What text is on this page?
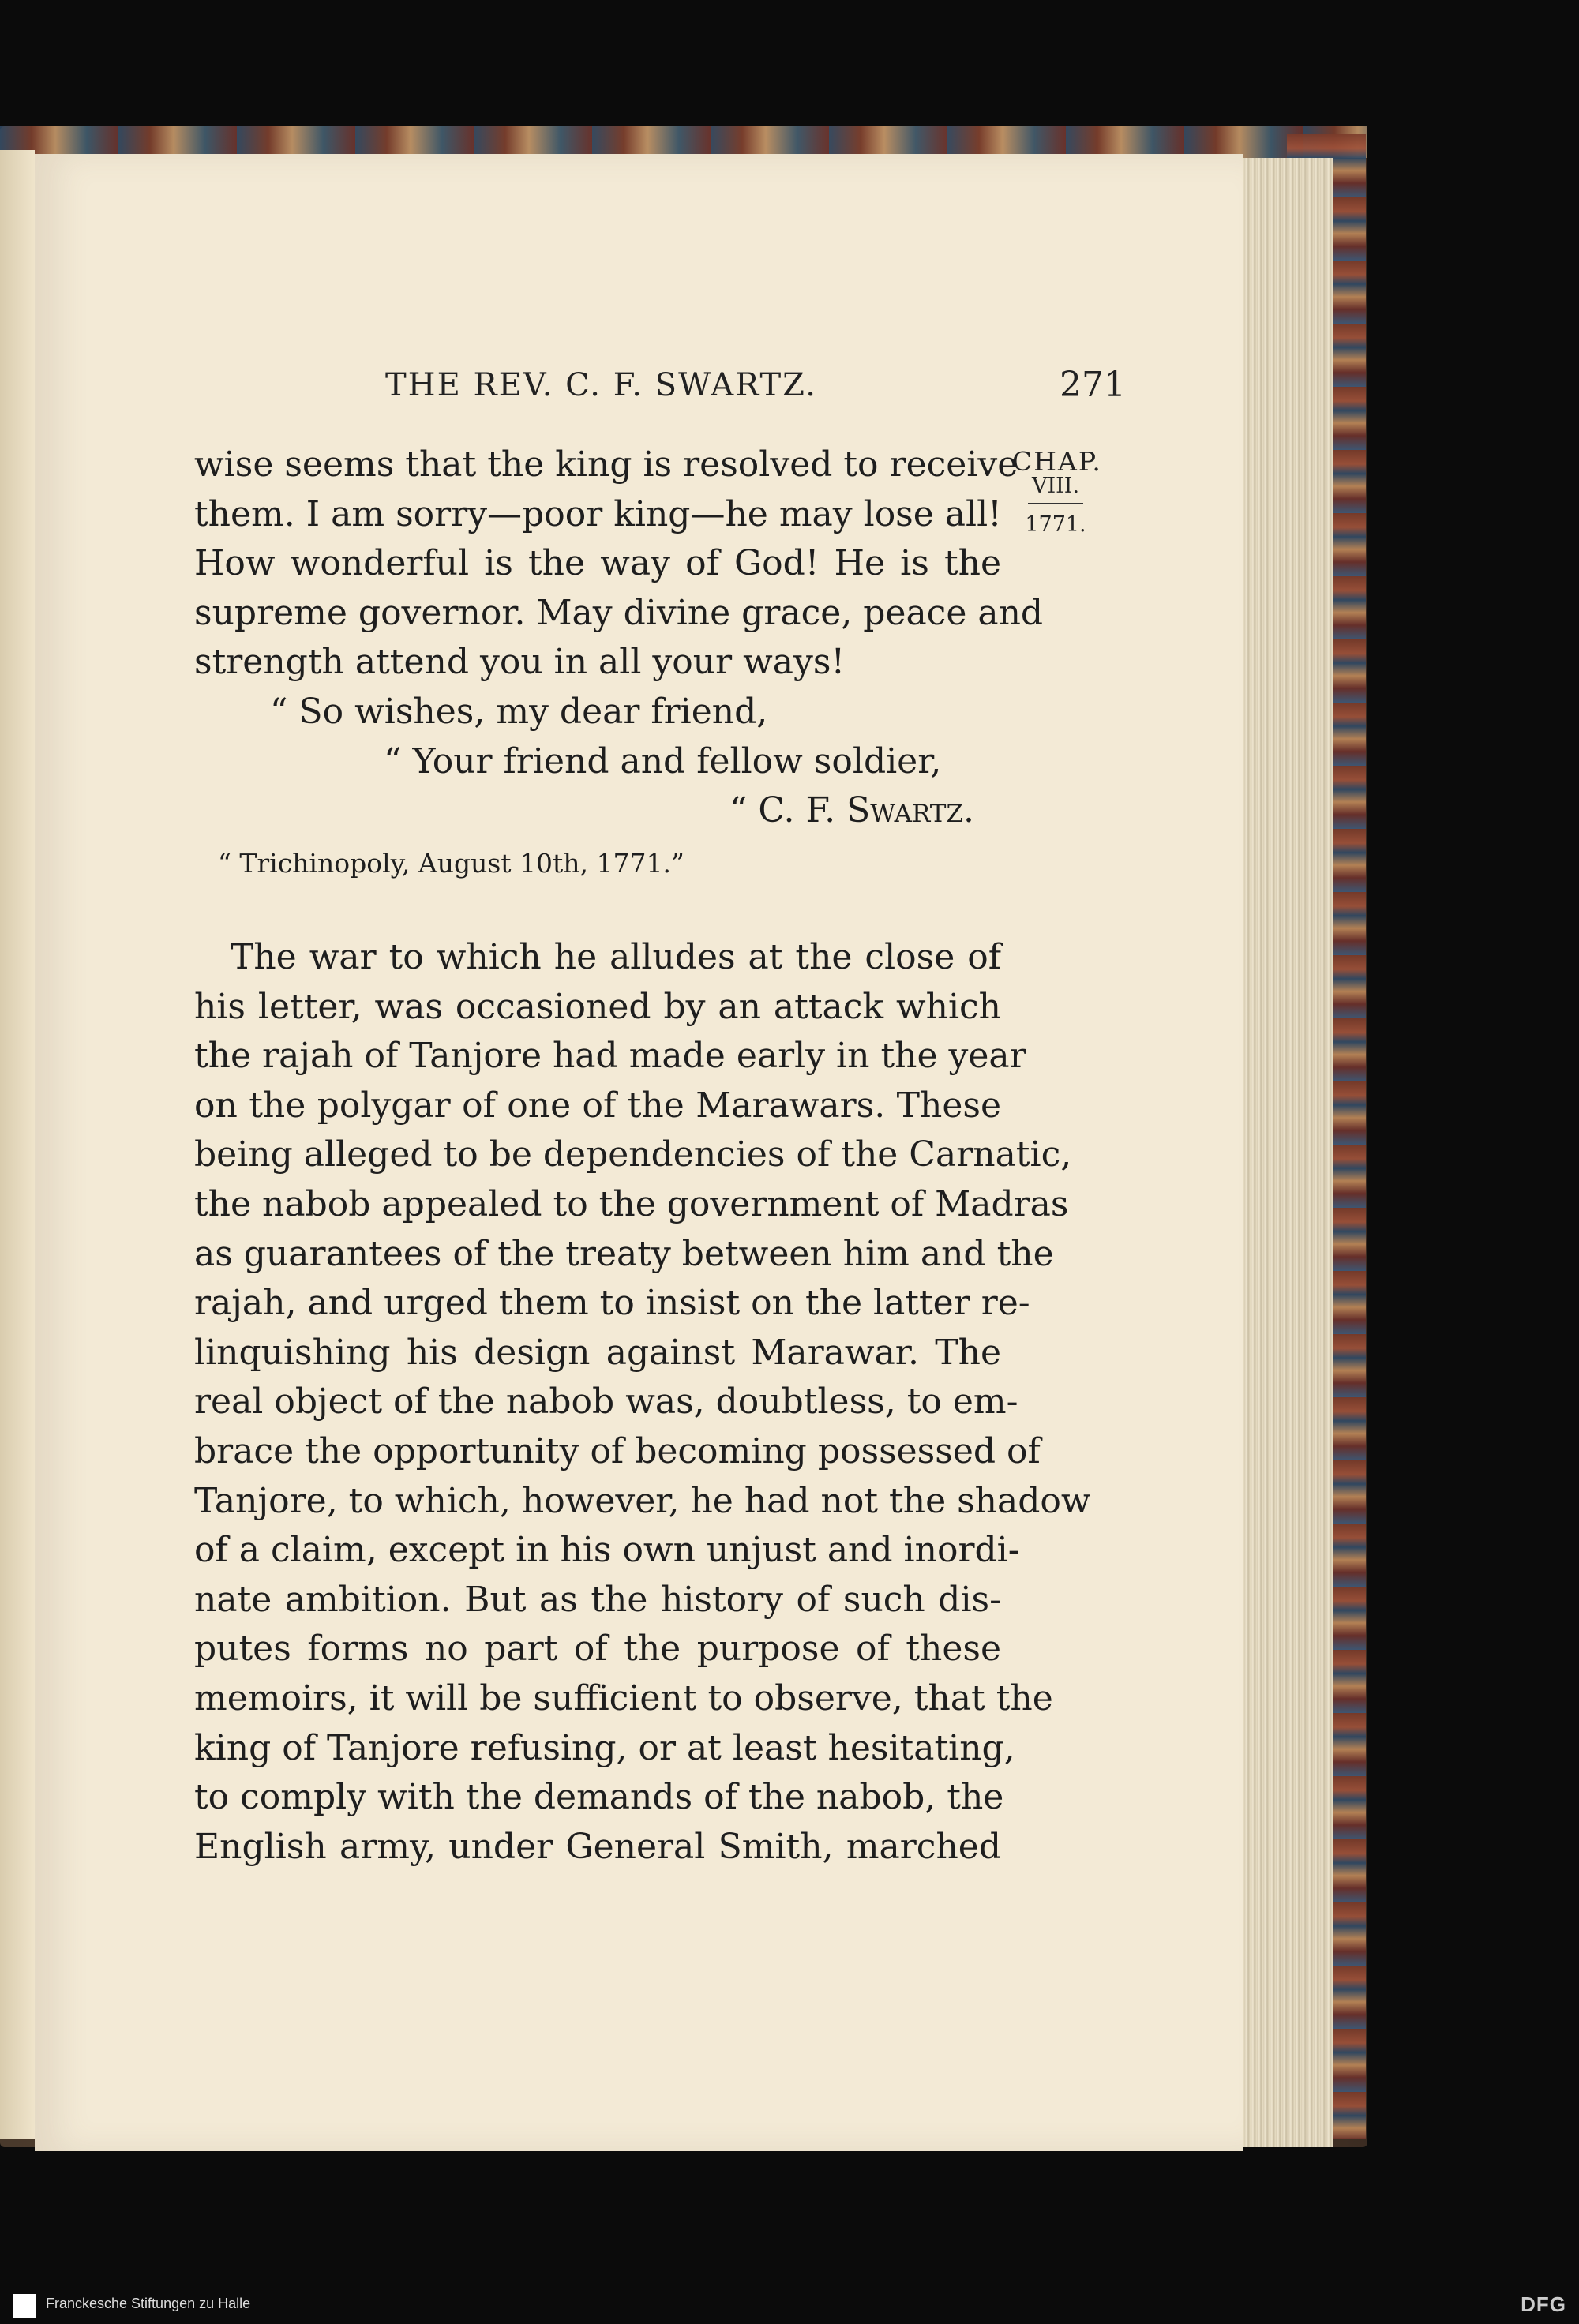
THE REV. C. F. SWARTZ.	271
CHAP.
VIII.
1771.
wise seems that the king is resolved to receive
them. I am sorry—poor king—he may lose all!
How wonderful is the way of God! He is the
supreme governor. May divine grace, peace and
strength attend you in all your ways!
“ So wishes, my dear friend,
“ Your friend and fellow soldier,
“ C. F. Swartz.
“ Trichinopoly, August 10th, 1771.”
The war to which he alludes at the close of
his letter, was occasioned by an attack which
the rajah of Tanjore had made early in the year
on the polygar of one of the Marawars. These
being alleged to be dependencies of the Carnatic,
the nabob appealed to the government of Madras
as guarantees of the treaty between him and the
rajah, and urged them to insist on the latter re-
linquishing his design against Marawar. The
real object of the nabob was, doubtless, to em-
brace the opportunity of becoming possessed of
Tanjore, to which, however, he had not the shadow
of a claim, except in his own unjust and inordi-
nate ambition. But as the history of such dis-
putes forms no part of the purpose of these
memoirs, it will be sufficient to observe, that the
king of Tanjore refusing, or at least hesitating,
to comply with the demands of the nabob, the
English army, under General Smith, marched
Franckesche Stiftungen zu Halle	DFG
